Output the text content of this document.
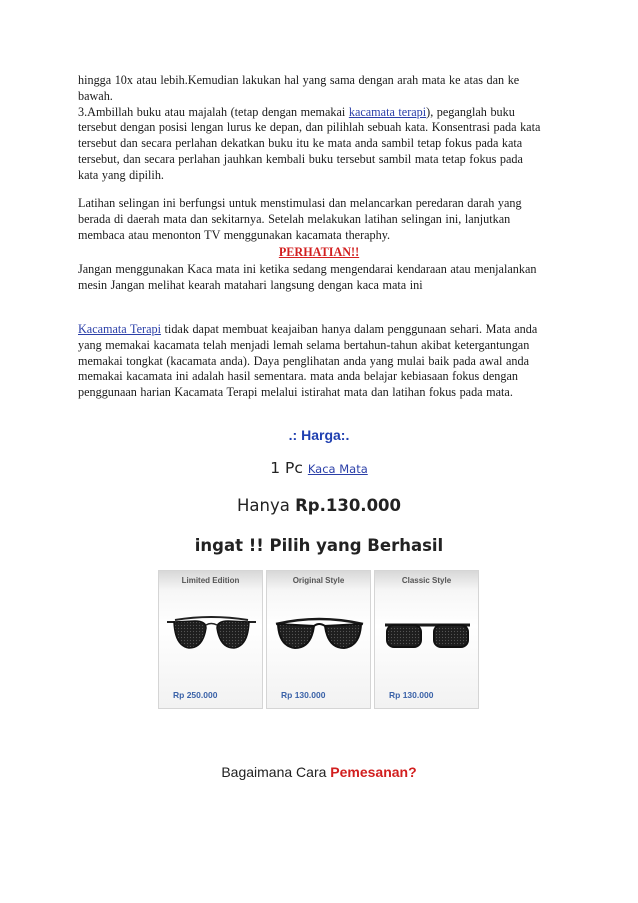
hingga 10x atau lebih.Kemudian lakukan hal yang sama dengan arah mata ke atas dan ke
bawah.
3.Ambillah buku atau majalah (tetap dengan memakai kacamata terapi), peganglah buku
tersebut dengan posisi lengan lurus ke depan, dan pilihlah sebuah kata. Konsentrasi pada kata
tersebut dan secara perlahan dekatkan buku itu ke mata anda sambil tetap fokus pada kata
tersebut, dan secara perlahan jauhkan kembali buku tersebut sambil mata tetap fokus pada
kata yang dipilih.
Latihan selingan ini berfungsi untuk menstimulasi dan melancarkan peredaran darah yang
berada di daerah mata dan sekitarnya. Setelah melakukan latihan selingan ini, lanjutkan
membaca atau menonton TV menggunakan kacamata theraphy.
PERHATIAN!!
Jangan menggunakan Kaca mata ini ketika sedang mengendarai kendaraan atau menjalankan
mesin Jangan melihat kearah matahari langsung dengan kaca mata ini
Kacamata Terapi tidak dapat membuat keajaiban hanya dalam penggunaan sehari. Mata anda
yang memakai kacamata telah menjadi lemah selama bertahun-tahun akibat ketergantungan
memakai tongkat (kacamata anda). Daya penglihatan anda yang mulai baik pada awal anda
memakai kacamata ini adalah hasil sementara. mata anda belajar kebiasaan fokus dengan
penggunaan harian Kacamata Terapi melalui istirahat mata dan latihan fokus pada mata.
.: Harga:.
1 Pc Kaca Mata
Hanya Rp.130.000
ingat !! Pilih yang Berhasil
Limited Edition
Rp 250.000
Original Style
Rp 130.000
Classic Style
Rp 130.000
Bagaimana Cara Pemesanan?
